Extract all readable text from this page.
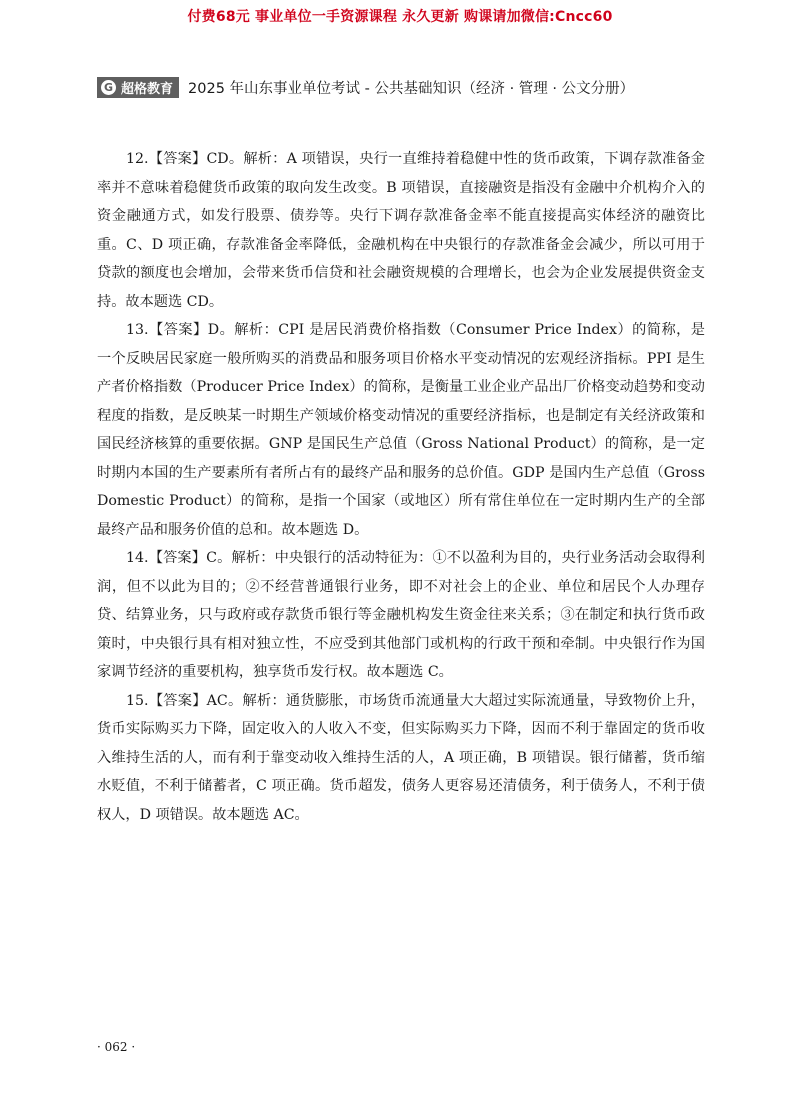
付费68元 事业单位一手资源课程 永久更新 购课请加微信:Cncc60
G 超格教育 2025 年山东事业单位考试 - 公共基础知识（经济 · 管理 · 公文分册）

12.【答案】CD。解析：A 项错误，央行一直维持着稳健中性的货币政策，下调存款准备金率并不意味着稳健货币政策的取向发生改变。B 项错误，直接融资是指没有金融中介机构介入的资金融通方式，如发行股票、债券等。央行下调存款准备金率不能直接提高实体经济的融资比重。C、D 项正确，存款准备金率降低，金融机构在中央银行的存款准备金会减少，所以可用于贷款的额度也会增加，会带来货币信贷和社会融资规模的合理增长，也会为企业发展提供资金支持。故本题选 CD。

13.【答案】D。解析：CPI 是居民消费价格指数（Consumer Price Index）的简称，是一个反映居民家庭一般所购买的消费品和服务项目价格水平变动情况的宏观经济指标。PPI 是生产者价格指数（Producer Price Index）的简称，是衡量工业企业产品出厂价格变动趋势和变动程度的指数，是反映某一时期生产领域价格变动情况的重要经济指标，也是制定有关经济政策和国民经济核算的重要依据。GNP 是国民生产总值（Gross National Product）的简称，是一定时期内本国的生产要素所有者所占有的最终产品和服务的总价值。GDP 是国内生产总值（Gross Domestic Product）的简称，是指一个国家（或地区）所有常住单位在一定时期内生产的全部最终产品和服务价值的总和。故本题选 D。

14.【答案】C。解析：中央银行的活动特征为：①不以盈利为目的，央行业务活动会取得利润，但不以此为目的；②不经营普通银行业务，即不对社会上的企业、单位和居民个人办理存贷、结算业务，只与政府或存款货币银行等金融机构发生资金往来关系；③在制定和执行货币政策时，中央银行具有相对独立性，不应受到其他部门或机构的行政干预和牵制。中央银行作为国家调节经济的重要机构，独享货币发行权。故本题选 C。

15.【答案】AC。解析：通货膨胀，市场货币流通量大大超过实际流通量，导致物价上升，货币实际购买力下降，固定收入的人收入不变，但实际购买力下降，因而不利于靠固定的货币收入维持生活的人，而有利于靠变动收入维持生活的人，A 项正确，B 项错误。银行储蓄，货币缩水贬值，不利于储蓄者，C 项正确。货币超发，债务人更容易还清债务，利于债务人，不利于债权人，D 项错误。故本题选 AC。

· 062 ·
